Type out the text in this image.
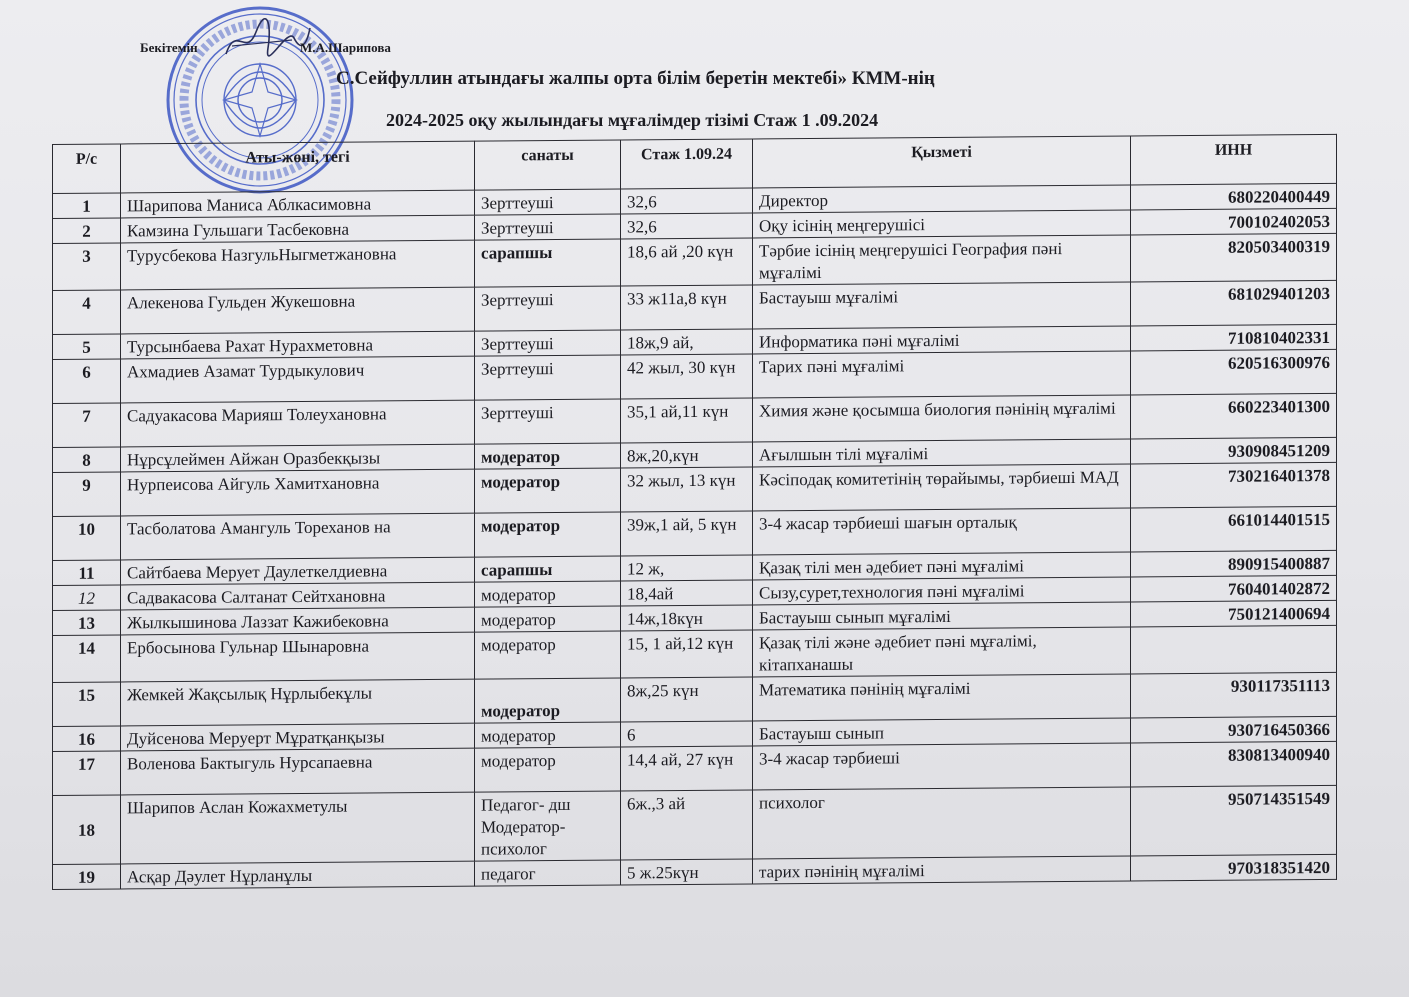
Бекітемін	М.А.Шарипова
С.Сейфуллин атындағы жалпы орта білім беретін мектебі» КММ-нің
2024-2025 оқу жылындағы мұғалімдер тізімі Стаж 1 .09.2024
Р/с	Аты-жөні, тегі	санаты	Стаж 1.09.24	Қызметі	ИНН
1	Шарипова Маниса Аблкасимовна	Зерттеуші	32,6	Директор	680220400449
2	Камзина Гульшаги Тасбековна	Зерттеуші	32,6	Оқу ісінің меңгерушісі	700102402053
3	Турусбекова НазгульНыгметжановна	сарапшы	18,6 ай ,20 күн	Тәрбие ісінің меңгерушісі География пәні мұғалімі	820503400319
4	Алекенова Гульден Жукешовна	Зерттеуші	33 ж11а,8 күн	Бастауыш мұғалімі	681029401203
5	Турсынбаева Рахат Нурахметовна	Зерттеуші	18ж,9 ай,	Информатика пәні мұғалімі	710810402331
6	Ахмадиев Азамат Турдыкулович	Зерттеуші	42 жыл, 30 күн	Тарих пәні мұғалімі	620516300976
7	Садуакасова Марияш Толеухановна	Зерттеуші	35,1 ай,11 күн	Химия және қосымша биология пәнінің мұғалімі	660223401300
8	Нұрсұлеймен Айжан Оразбекқызы	модератор	8ж,20,күн	Ағылшын тілі мұғалімі	930908451209
9	Нурпеисова Айгуль Хамитхановна	модератор	32 жыл, 13 күн	Кәсіподақ комитетінің төрайымы, тәрбиеші МАД	730216401378
10	Тасболатова Амангуль Тореханов на	модератор	39ж,1 ай, 5 күн	3-4 жасар тәрбиеші шағын орталық	661014401515
11	Сайтбаева Мерует Даулеткелдиевна	сарапшы	12 ж,	Қазақ тілі мен әдебиет пәні мұғалімі	890915400887
12	Садвакасова Салтанат Сейтхановна	модератор	18,4ай	Сызу,сурет,технология пәні мұғалімі	760401402872
13	Жылкышинова Лаззат Кажибековна	модератор	14ж,18күн	Бастауыш сынып мұғалімі	750121400694
14	Ербосынова Гульнар Шынаровна	модератор	15, 1 ай,12 күн	Қазақ тілі және әдебиет пәні мұғалімі, кітапханашы	
15	Жемкей Жақсылық Нұрлыбекұлы	модератор	8ж,25 күн	Математика пәнінің мұғалімі	930117351113
16	Дуйсенова Меруерт Мұратқанқызы	модератор	6	Бастауыш сынып	930716450366
17	Воленова Бактыгуль Нурсапаевна	модератор	14,4 ай, 27 күн	3-4 жасар тәрбиеші	830813400940
18	Шарипов Аслан Кожахметулы	Педагог- дш Модератор-психолог	6ж.,3 ай	психолог	950714351549
19	Асқар Дәулет Нұрланұлы	педагог	5 ж.25күн	тарих пәнінің мұғалімі	970318351420
